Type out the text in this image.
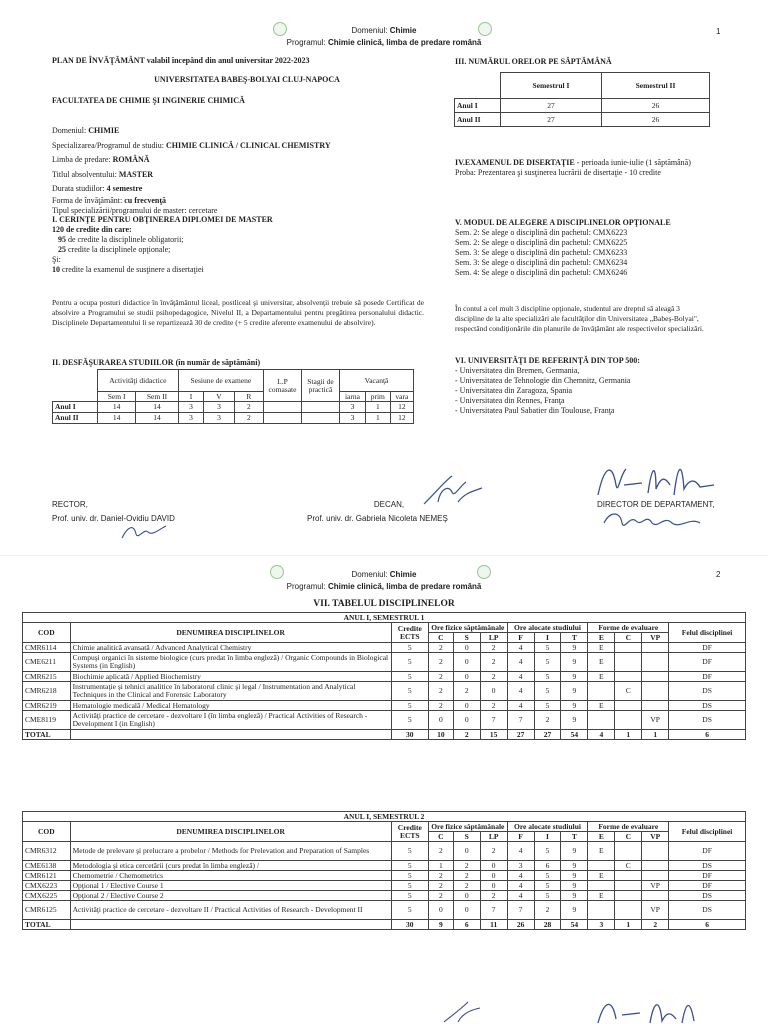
Domeniul: Chimie
Programul: Chimie clinică, limba de predare română
1
PLAN DE ÎNVĂŢĂMÂNT valabil începând din anul universitar 2022-2023
UNIVERSITATEA BABEŞ-BOLYAI CLUJ-NAPOCA
FACULTATEA DE CHIMIE ŞI INGINERIE CHIMICĂ
Domeniul: CHIMIE
Specializarea/Programul de studiu: CHIMIE CLINICĂ / CLINICAL CHEMISTRY
Limba de predare: ROMÂNĂ
Titlul absolventului: MASTER
Durata studiilor: 4 semestre
Forma de învăţământ: cu frecvenţă
Tipul specializării/programului de master: cercetare
I. CERINŢE PENTRU OBŢINEREA DIPLOMEI DE MASTER
120 de credite din care:
95 de credite la disciplinele obligatorii;
25 credite la disciplinele opţionale;
Şi:
10 credite la examenul de susţinere a disertaţiei
Pentru a ocupa posturi didactice în învăţământul liceal, postliceal şi universitar, absolvenţii trebuie să posede Certificat de absolvire a Programului se studii psihopedagogice, Nivelul II, a Departamentului pentru pregătirea personalului didactic. Disciplinele Departamentului li se repartizează 30 de credite (+ 5 credite aferente examenului de absolvire).
II. DESFĂŞURAREA STUDIILOR (în număr de săptămâni)
	Activităţi didactice		Sesiune de examene			L.P comasate	Stagii de practică	Vacanţă		
	Sem I	Sem II	I	V	R			iarna	prim	vara
Anul I	14	14	3	3	2			3	1	12
Anul II	14	14	3	3	2			3	1	12
III. NUMĂRUL ORELOR PE SĂPTĂMÂNĂ
	Semestrul I	Semestrul II
Anul I	27	26
Anul II	27	26
IV.EXAMENUL DE DISERTAŢIE - perioada iunie-iulie (1 săptămână)
Proba: Prezentarea şi susţinerea lucrării de disertaţie - 10 credite
V. MODUL DE ALEGERE A DISCIPLINELOR OPŢIONALE
Sem. 2: Se alege o disciplină din pachetul: CMX6223
Sem. 2: Se alege o disciplină din pachetul: CMX6225
Sem. 3: Se alege o disciplină din pachetul: CMX6233
Sem. 3: Se alege o disciplină din pachetul: CMX6234
Sem. 4: Se alege o disciplină din pachetul: CMX6246
În contul a cel mult 3 discipline opţionale, studentul are dreptul să aleagă 3 discipline de la alte specializări ale facultăţilor din Universitatea „Babeş-Bolyai", respectând condiţionările din planurile de învăţământ ale respectivelor specializări.
VI. UNIVERSITĂŢI DE REFERINŢĂ DIN TOP 500:
- Universitatea din Bremen, Germania,
- Universitatea de Tehnologie din Chemnitz, Germania
- Universitatea din Zaragoza, Spania
- Universitatea din Rennes, Franţa
- Universitatea Paul Sabatier din Toulouse, Franţa
RECTOR,
Prof. univ. dr. Daniel-Ovidiu DAVID
DECAN,
Prof. univ. dr. Gabriela Nicoleta NEMEŞ
DIRECTOR DE DEPARTAMENT,
Domeniul: Chimie
Programul: Chimie clinică, limba de predare română
2
VII. TABELUL DISCIPLINELOR
ANUL I, SEMESTRUL 1												
COD	DENUMIREA DISCIPLINELOR	Credite ECTS	Ore fizice săptămânale			Ore alocate studiului			Forme de evaluare			Felul disciplinei
			C	S	LP	F	I	T	E	C	VP	
CMR6114	Chimie analitică avansată / Advanced Analytical Chemistry	5	2	0	2	4	5	9	E			DF
CME6211	Compuşi organici în sisteme biologice (curs predat în limba engleză) / Organic Compounds in Biological Systems (in English)	5	2	0	2	4	5	9	E			DF
CMR6215	Biochimie aplicată / Applied Biochemistry	5	2	0	2	4	5	9	E			DF
CMR6218	Instrumentaţie şi tehnici analitice în laboratorul clinic şi legal / Instrumentation and Analytical Techniques in the Clinical and Forensic Laboratory	5	2	2	0	4	5	9		C		DS
CMR6219	Hematologie medicală / Medical Hematology	5	2	0	2	4	5	9	E			DS
CME8119	Activităţi practice de cercetare - dezvoltare I (în limba engleză) / Practical Activities of Research - Development I (in English)	5	0	0	7	7	2	9			VP	DS
TOTAL		30	10	2	15	27	27	54	4	1	1	6
ANUL I, SEMESTRUL 2												
COD	DENUMIREA DISCIPLINELOR	Credite ECTS	Ore fizice săptămânale			Ore alocate studiului			Forme de evaluare			Felul disciplinei
			C	S	LP	F	I	T	E	C	VP	
CMR6312	Metode de prelevare şi prelucrare a probelor / Methods for Prelevation and Preparation of Samples	5	2	0	2	4	5	9	E			DF
CME6138	Metodologia şi etica cercetării (curs predat în limba engleză) /	5	1	2	0	3	6	9		C		DS
CMR6121	Chemometrie / Chemometrics	5	2	2	0	4	5	9	E			DF
CMX6223	Opţional 1 / Elective Course 1	5	2	2	0	4	5	9			VP	DF
CMX6225	Opţional 2 / Elective Course 2	5	2	0	2	4	5	9	E			DS
CMR6125	Activităţi practice de cercetare - dezvoltare II / Practical Activities of Research - Development II	5	0	0	7	7	2	9			VP	DS
TOTAL		30	9	6	11	26	28	54	3	1	2	6
